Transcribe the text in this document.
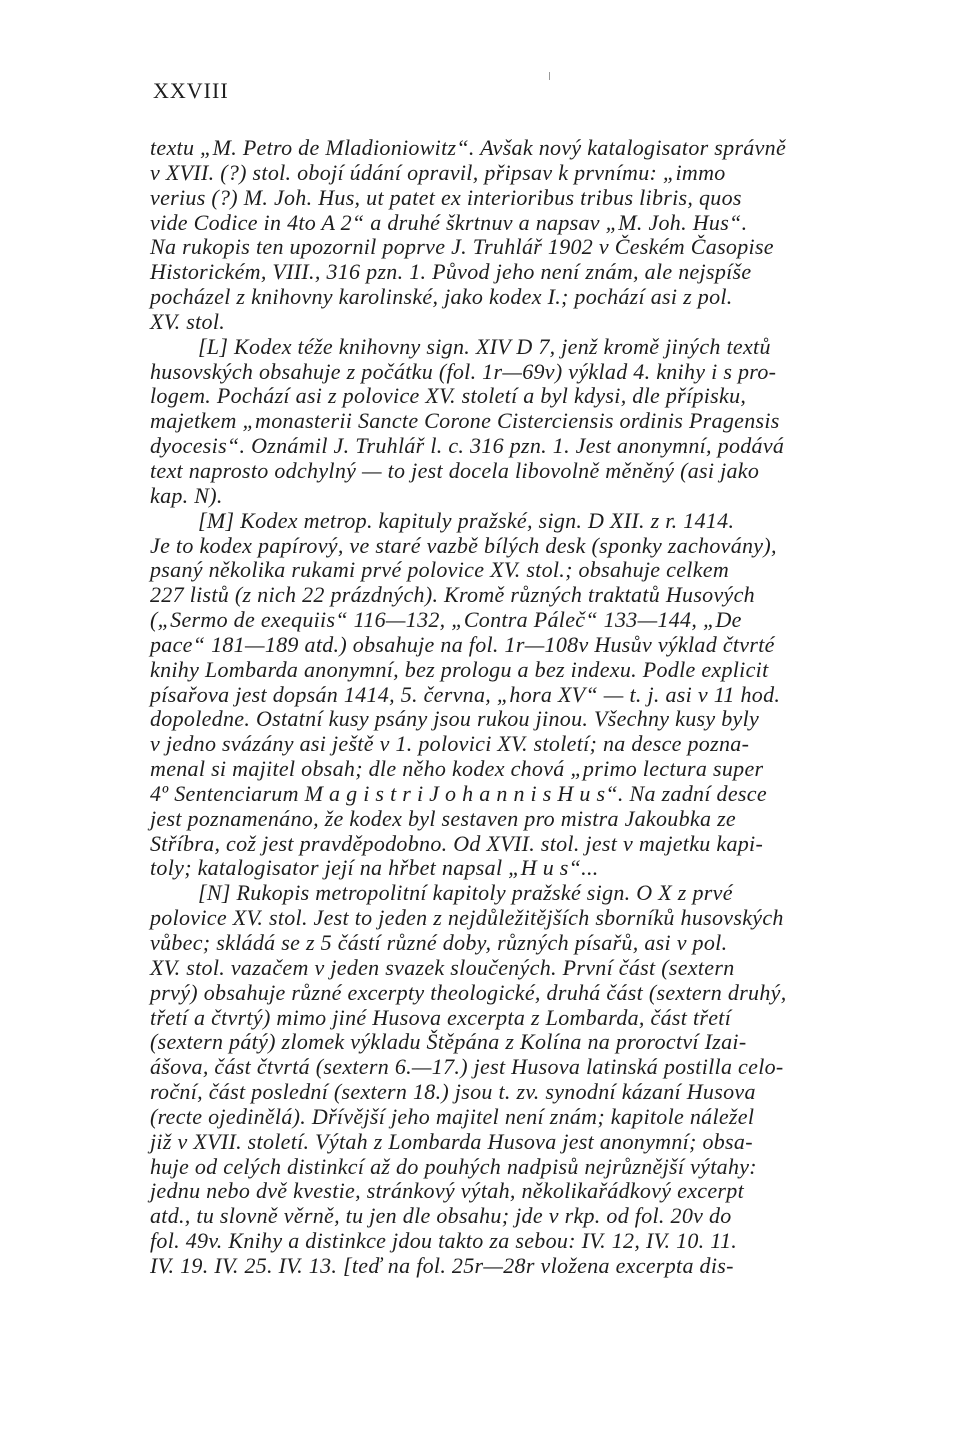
XXVIII
textu „M. Petro de Mladioniowitz“. Avšak nový katalogisator správně
v XVII. (?) stol. obojí údání opravil, připsav k prvnímu: „immo
verius (?) M. Joh. Hus, ut patet ex interioribus tribus libris, quos
vide Codice in 4to A 2“ a druhé škrtnuv a napsav „M. Joh. Hus“.
Na rukopis ten upozornil poprve J. Truhlář 1902 v Českém Časopise
Historickém, VIII., 316 pzn. 1. Původ jeho není znám, ale nejspíše
pocházel z knihovny karolinské, jako kodex I.; pochází asi z pol.
XV. stol.
[L] Kodex téže knihovny sign. XIV D 7, jenž kromě jiných textů
husovských obsahuje z počátku (fol. 1r—69v) výklad 4. knihy i s pro-
logem. Pochází asi z polovice XV. století a byl kdysi, dle přípisku,
majetkem „monasterii Sancte Corone Cisterciensis ordinis Pragensis
dyocesis“. Oznámil J. Truhlář l. c. 316 pzn. 1. Jest anonymní, podává
text naprosto odchylný — to jest docela libovolně měněný (asi jako
kap. N).
[M] Kodex metrop. kapituly pražské, sign. D XII. z r. 1414.
Je to kodex papírový, ve staré vazbě bílých desk (sponky zachovány),
psaný několika rukami prvé polovice XV. stol.; obsahuje celkem
227 listů (z nich 22 prázdných). Kromě různých traktatů Husových
(„Sermo de exequiis“ 116—132, „Contra Páleč“ 133—144, „De
pace“ 181—189 atd.) obsahuje na fol. 1r—108v Husův výklad čtvrté
knihy Lombarda anonymní, bez prologu a bez indexu. Podle explicit
písařova jest dopsán 1414, 5. června, „hora XV“ — t. j. asi v 11 hod.
dopoledne. Ostatní kusy psány jsou rukou jinou. Všechny kusy byly
v jedno svázány asi ještě v 1. polovici XV. století; na desce pozna-
menal si majitel obsah; dle něho kodex chová „primo lectura super
4º Sentenciarum M a g i s t r i J o h a n n i s H u s“. Na zadní desce
jest poznamenáno, že kodex byl sestaven pro mistra Jakoubka ze
Stříbra, což jest pravděpodobno. Od XVII. stol. jest v majetku kapi-
toly; katalogisator její na hřbet napsal „H u s“...
[N] Rukopis metropolitní kapitoly pražské sign. O X z prvé
polovice XV. stol. Jest to jeden z nejdůležitějších sborníků husovských
vůbec; skládá se z 5 částí různé doby, různých písařů, asi v pol.
XV. stol. vazačem v jeden svazek sloučených. První část (sextern
prvý) obsahuje různé excerpty theologické, druhá část (sextern druhý,
třetí a čtvrtý) mimo jiné Husova excerpta z Lombarda, část třetí
(sextern pátý) zlomek výkladu Štěpána z Kolína na proroctví Izai-
ášova, část čtvrtá (sextern 6.—17.) jest Husova latinská postilla celo-
roční, část poslední (sextern 18.) jsou t. zv. synodní kázaní Husova
(recte ojedinělá). Dřívější jeho majitel není znám; kapitole náležel
již v XVII. století. Výtah z Lombarda Husova jest anonymní; obsa-
huje od celých distinkcí až do pouhých nadpisů nejrůznější výtahy:
jednu nebo dvě kvestie, stránkový výtah, několikařádkový excerpt
atd., tu slovně věrně, tu jen dle obsahu; jde v rkp. od fol. 20v do
fol. 49v. Knihy a distinkce jdou takto za sebou: IV. 12, IV. 10. 11.
IV. 19. IV. 25. IV. 13. [teď na fol. 25r—28r vložena excerpta dis-
